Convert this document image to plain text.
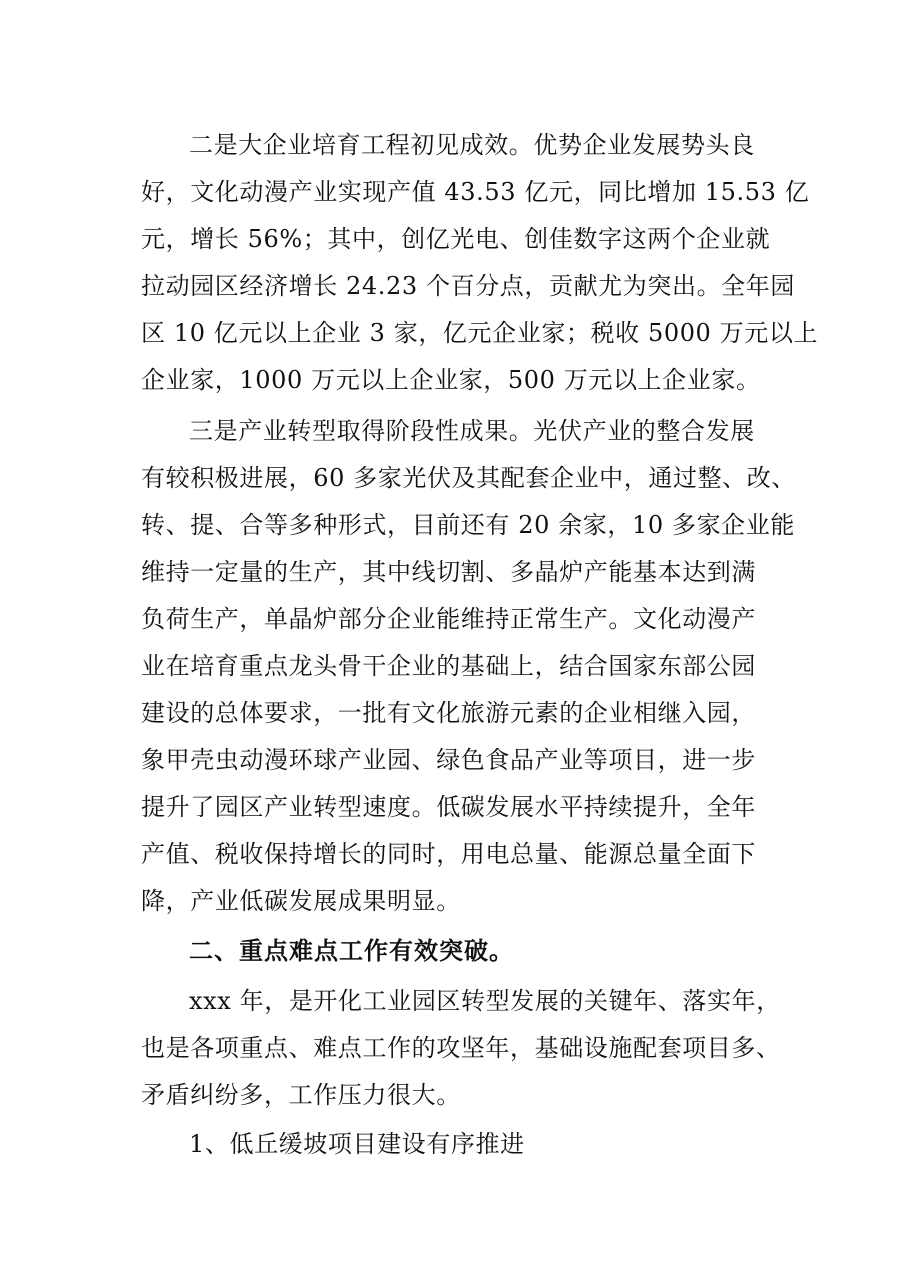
二是大企业培育工程初见成效。优势企业发展势头良
好，文化动漫产业实现产值 43.53 亿元，同比增加 15.53 亿
元，增长 56%；其中，创亿光电、创佳数字这两个企业就
拉动园区经济增长 24.23 个百分点，贡献尤为突出。全年园
区 10 亿元以上企业 3 家，亿元企业家；税收 5000 万元以上
企业家，1000 万元以上企业家，500 万元以上企业家。
三是产业转型取得阶段性成果。光伏产业的整合发展
有较积极进展，60 多家光伏及其配套企业中，通过整、改、
转、提、合等多种形式，目前还有 20 余家，10 多家企业能
维持一定量的生产，其中线切割、多晶炉产能基本达到满
负荷生产，单晶炉部分企业能维持正常生产。文化动漫产
业在培育重点龙头骨干企业的基础上，结合国家东部公园
建设的总体要求，一批有文化旅游元素的企业相继入园，
象甲壳虫动漫环球产业园、绿色食品产业等项目，进一步
提升了园区产业转型速度。低碳发展水平持续提升，全年
产值、税收保持增长的同时，用电总量、能源总量全面下
降，产业低碳发展成果明显。
二、重点难点工作有效突破。
xxx 年，是开化工业园区转型发展的关键年、落实年，
也是各项重点、难点工作的攻坚年，基础设施配套项目多、
矛盾纠纷多，工作压力很大。
1、低丘缓坡项目建设有序推进
